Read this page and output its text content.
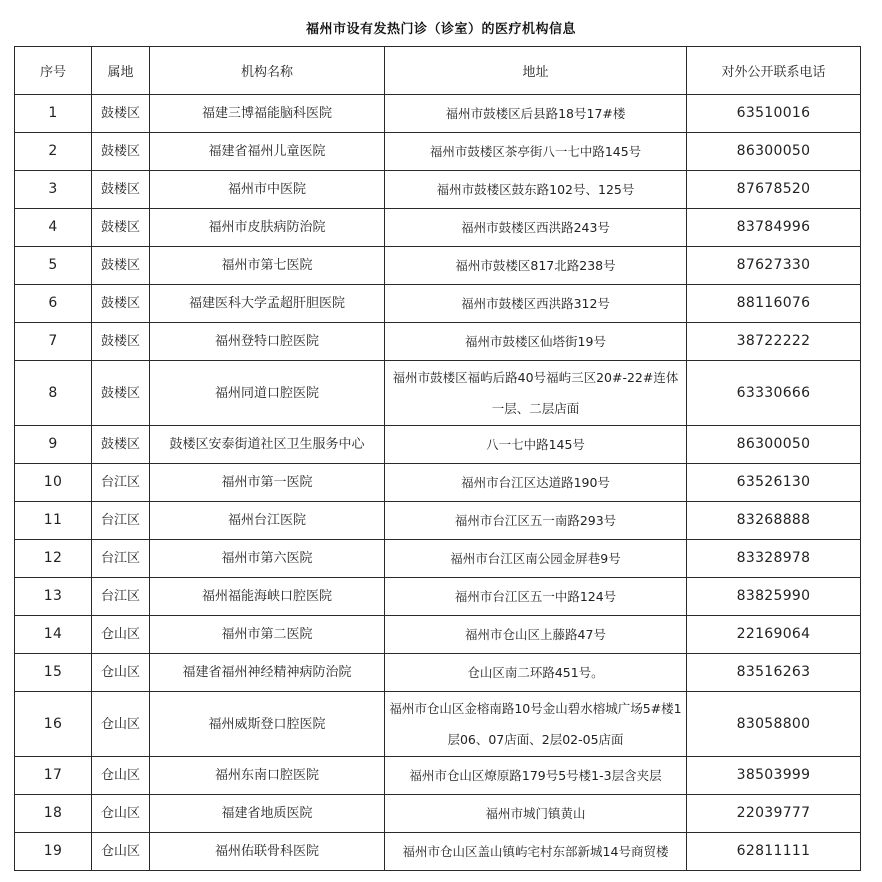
福州市设有发热门诊（诊室）的医疗机构信息
序号	属地	机构名称	地址	对外公开联系电话
1	鼓楼区	福建三博福能脑科医院	福州市鼓楼区后县路18号17#楼	63510016
2	鼓楼区	福建省福州儿童医院	福州市鼓楼区茶亭街八一七中路145号	86300050
3	鼓楼区	福州市中医院	福州市鼓楼区鼓东路102号、125号	87678520
4	鼓楼区	福州市皮肤病防治院	福州市鼓楼区西洪路243号	83784996
5	鼓楼区	福州市第七医院	福州市鼓楼区817北路238号	87627330
6	鼓楼区	福建医科大学孟超肝胆医院	福州市鼓楼区西洪路312号	88116076
7	鼓楼区	福州登特口腔医院	福州市鼓楼区仙塔街19号	38722222
8	鼓楼区	福州同道口腔医院	福州市鼓楼区福屿后路40号福屿三区20#-22#连体一层、二层店面	63330666
9	鼓楼区	鼓楼区安泰街道社区卫生服务中心	八一七中路145号	86300050
10	台江区	福州市第一医院	福州市台江区达道路190号	63526130
11	台江区	福州台江医院	福州市台江区五一南路293号	83268888
12	台江区	福州市第六医院	福州市台江区南公园金屏巷9号	83328978
13	台江区	福州福能海峡口腔医院	福州市台江区五一中路124号	83825990
14	仓山区	福州市第二医院	福州市仓山区上藤路47号	22169064
15	仓山区	福建省福州神经精神病防治院	仓山区南二环路451号。	83516263
16	仓山区	福州威斯登口腔医院	福州市仓山区金榕南路10号金山碧水榕城广场5#楼1层06、07店面、2层02-05店面	83058800
17	仓山区	福州东南口腔医院	福州市仓山区燎原路179号5号楼1-3层含夹层	38503999
18	仓山区	福建省地质医院	福州市城门镇黄山	22039777
19	仓山区	福州佑联骨科医院	福州市仓山区盖山镇屿宅村东部新城14号商贸楼	62811111
